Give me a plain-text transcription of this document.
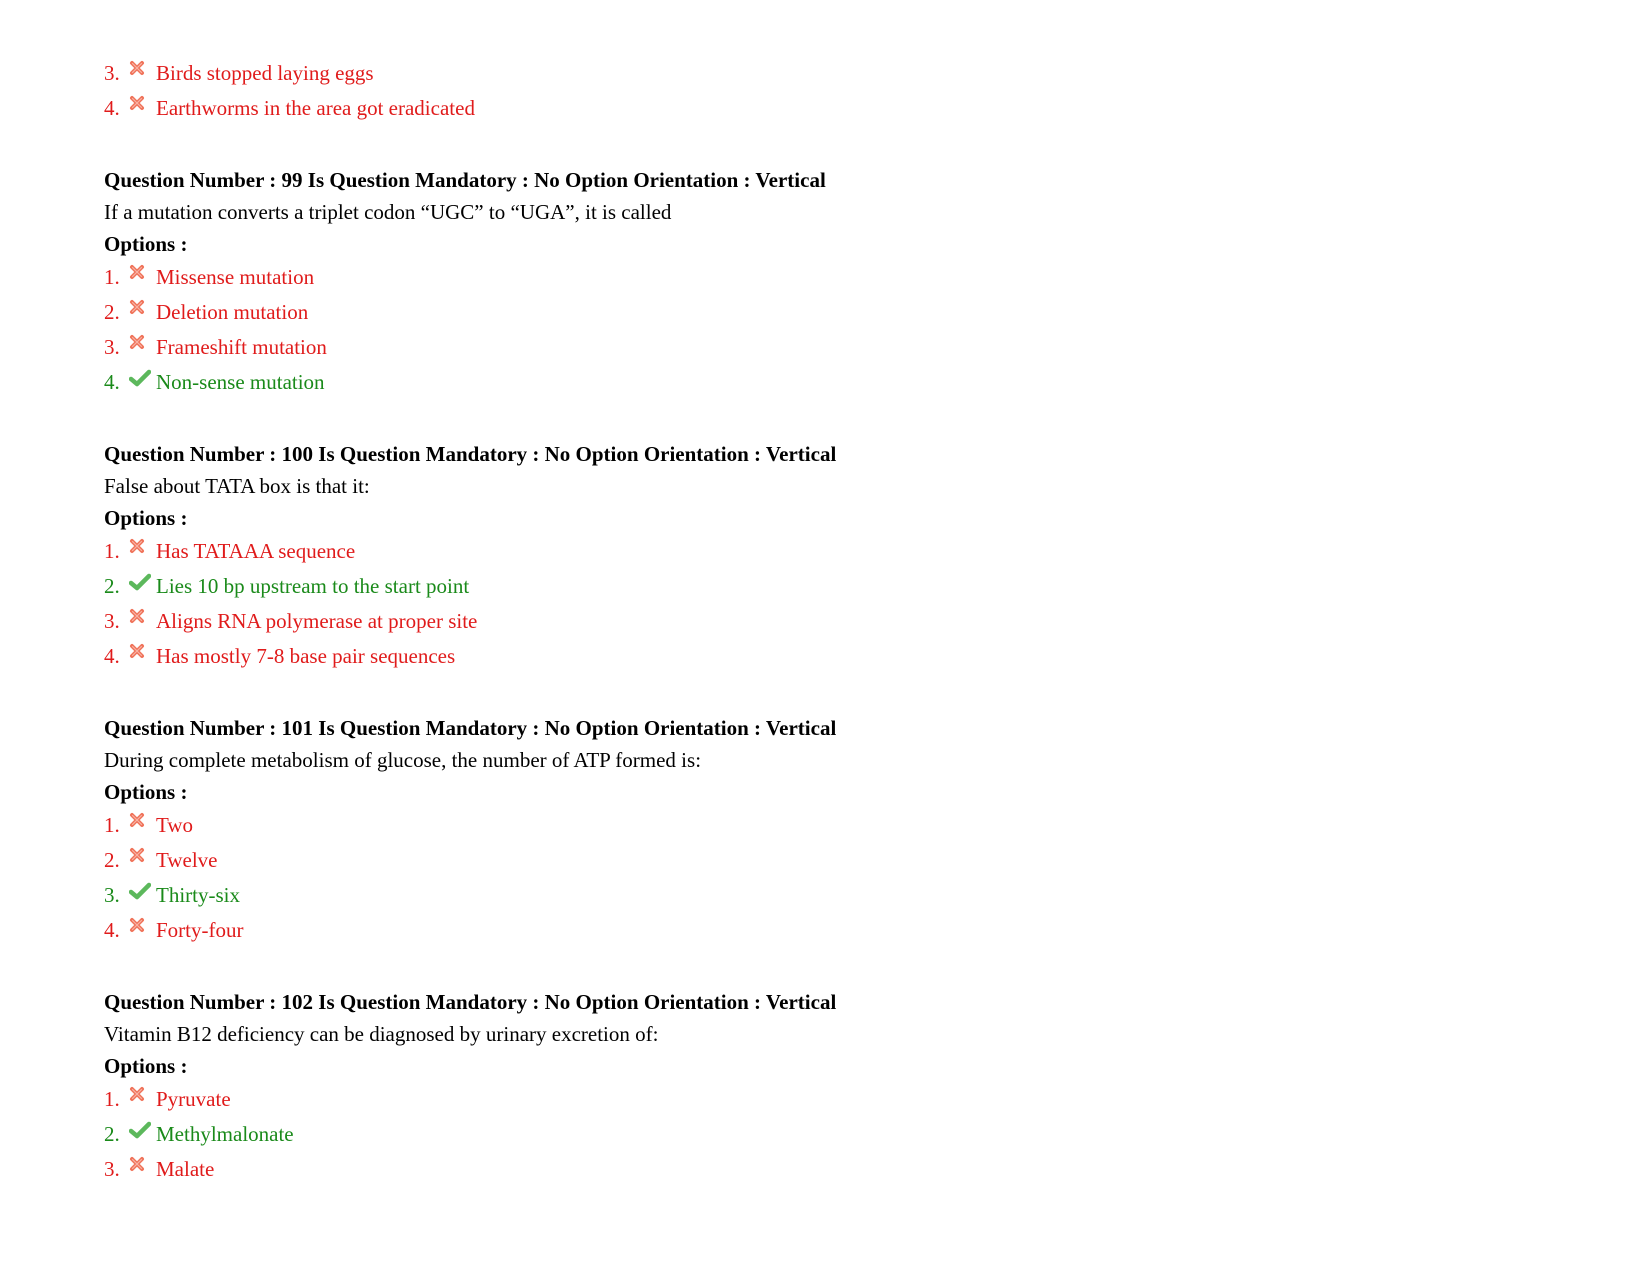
3.	Birds stopped laying eggs
4.	Earthworms in the area got eradicated
Question Number : 99 Is Question Mandatory : No Option Orientation : Vertical
If a mutation converts a triplet codon “UGC” to “UGA”, it is called
Options :
1.	Missense mutation
2.	Deletion mutation
3.	Frameshift mutation
4.	Non-sense mutation
Question Number : 100 Is Question Mandatory : No Option Orientation : Vertical
False about TATA box is that it:
Options :
1.	Has TATAAA sequence
2.	Lies 10 bp upstream to the start point
3.	Aligns RNA polymerase at proper site
4.	Has mostly 7-8 base pair sequences
Question Number : 101 Is Question Mandatory : No Option Orientation : Vertical
During complete metabolism of glucose, the number of ATP formed is:
Options :
1.	Two
2.	Twelve
3.	Thirty-six
4.	Forty-four
Question Number : 102 Is Question Mandatory : No Option Orientation : Vertical
Vitamin B12 deficiency can be diagnosed by urinary excretion of:
Options :
1.	Pyruvate
2.	Methylmalonate
3.	Malate
